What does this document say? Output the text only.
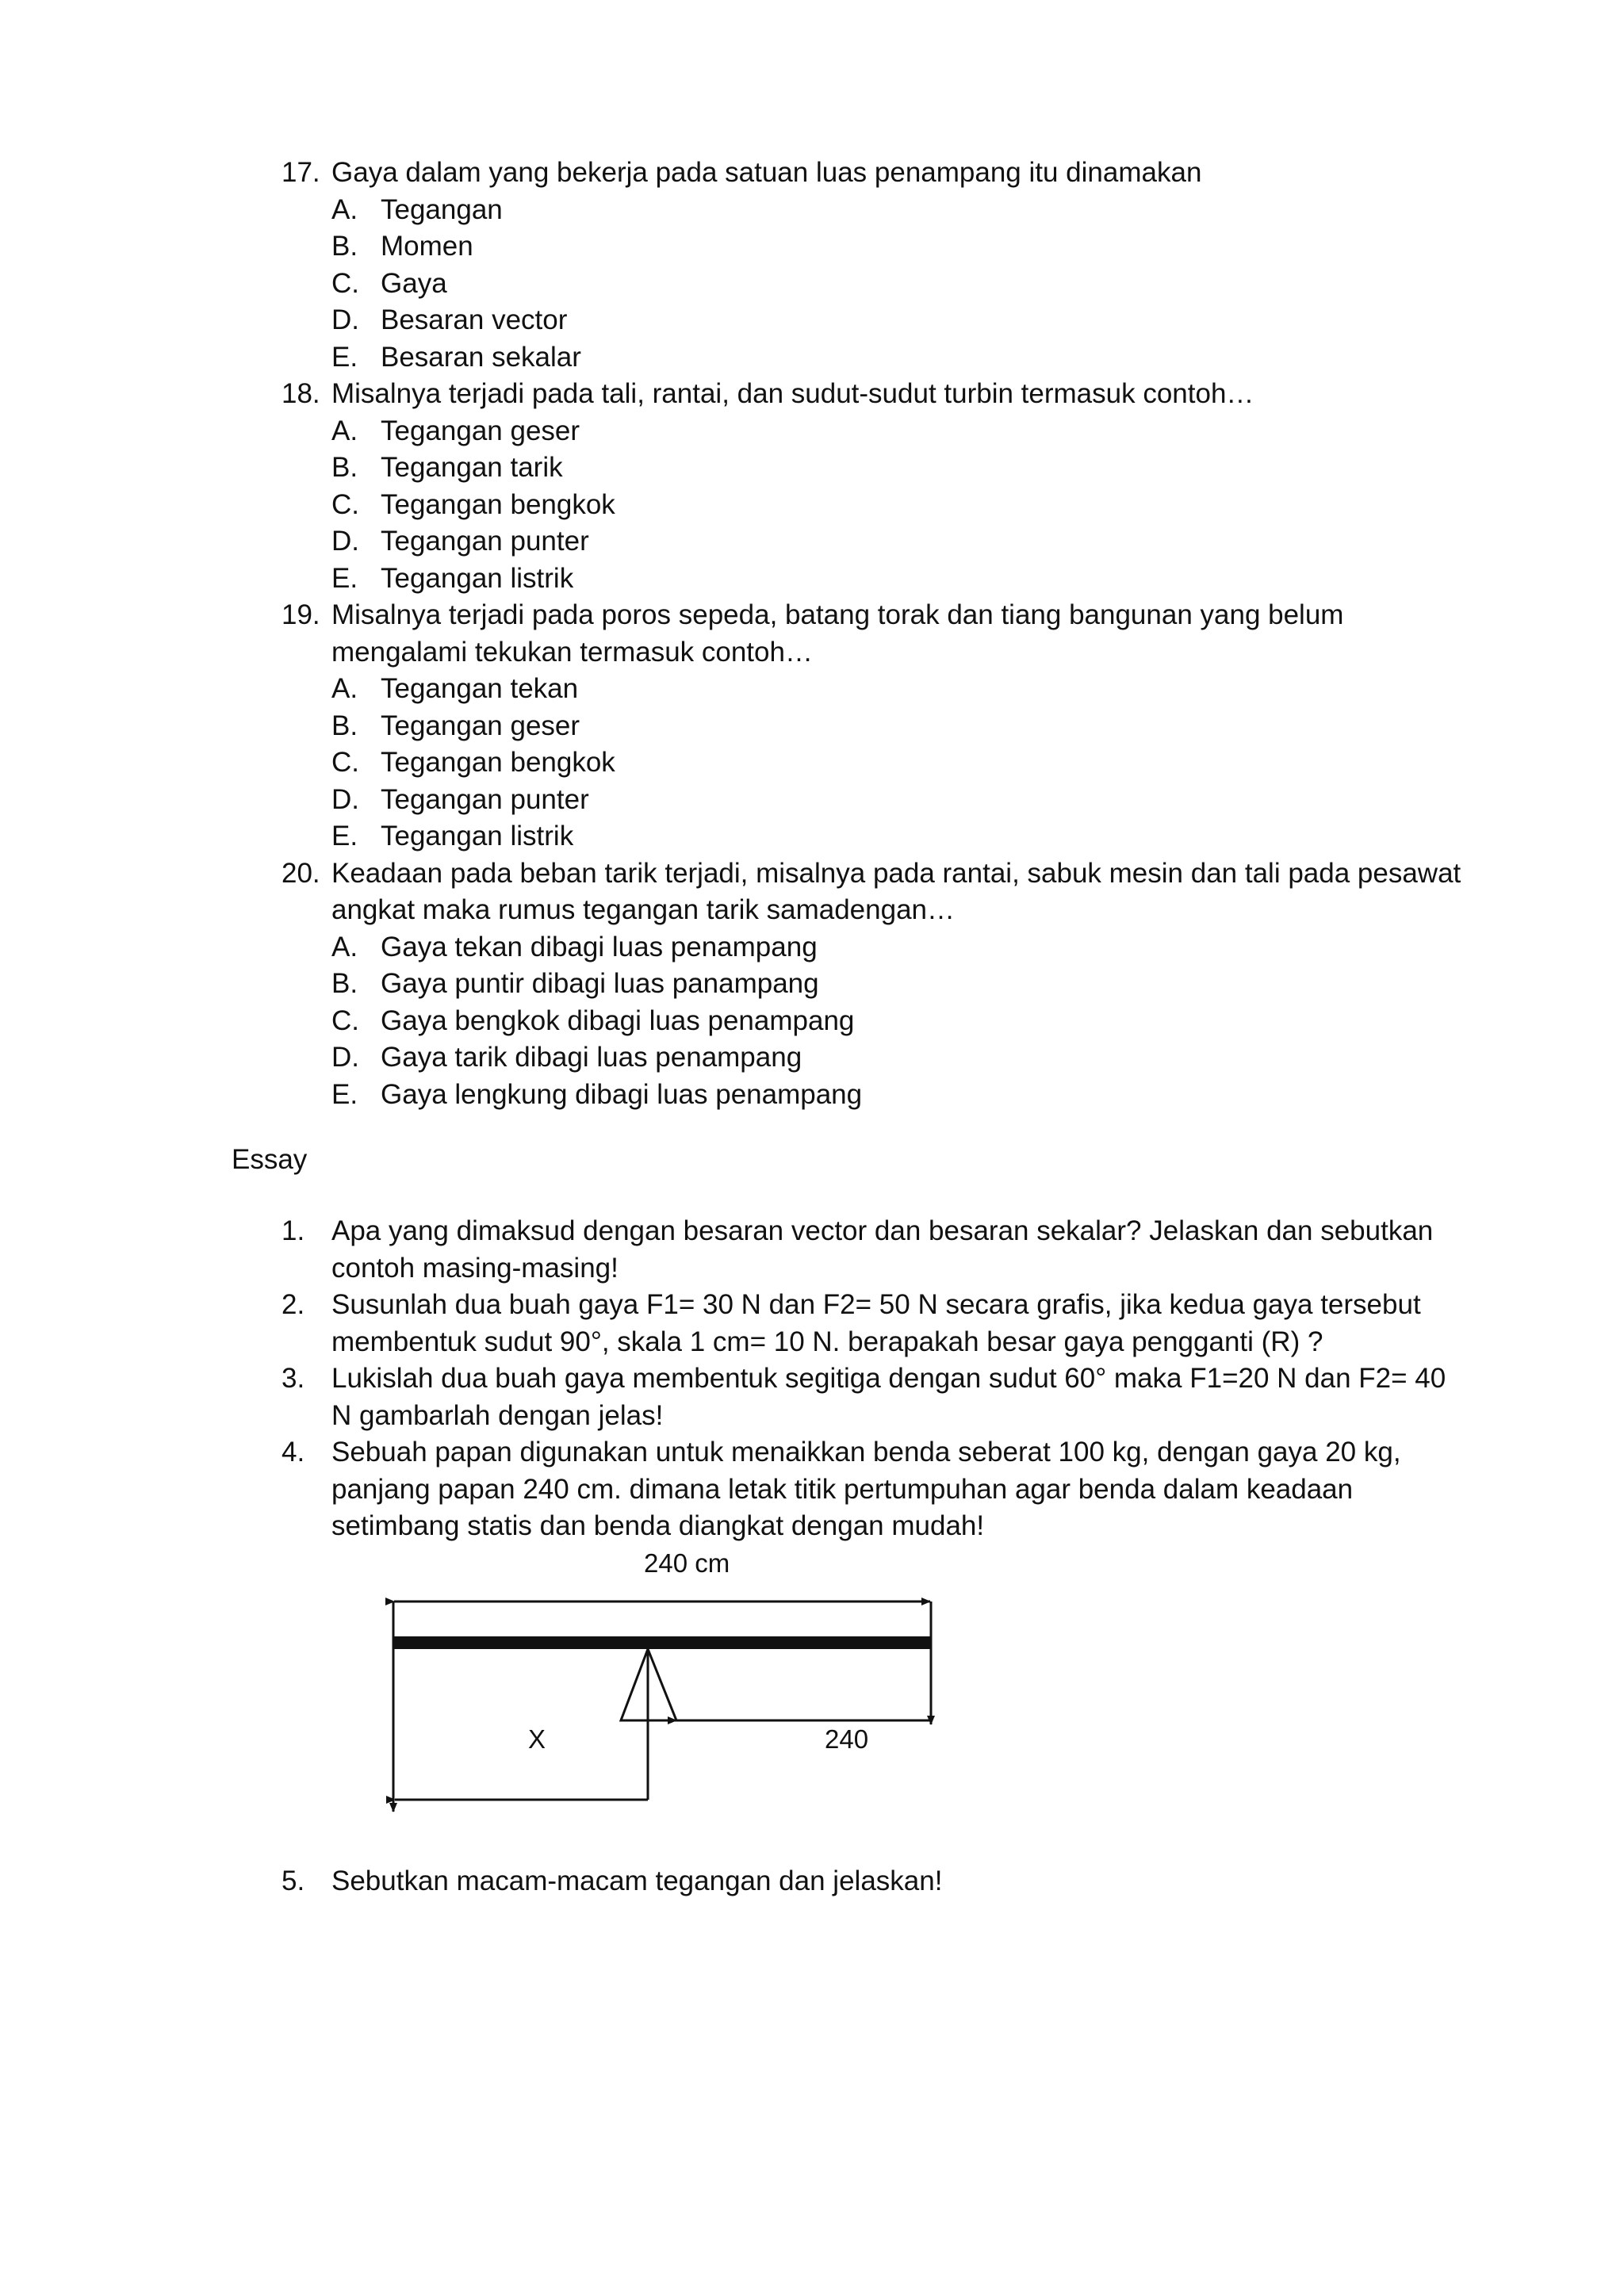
17. Gaya dalam yang bekerja pada satuan luas penampang itu dinamakan
A. Tegangan
B. Momen
C. Gaya
D. Besaran vector
E. Besaran sekalar
18. Misalnya terjadi pada tali, rantai, dan sudut-sudut turbin termasuk contoh…
A. Tegangan geser
B. Tegangan tarik
C. Tegangan bengkok
D. Tegangan punter
E. Tegangan listrik
19. Misalnya terjadi pada poros sepeda, batang torak dan tiang bangunan yang belum mengalami tekukan termasuk contoh…
A. Tegangan tekan
B. Tegangan geser
C. Tegangan bengkok
D. Tegangan punter
E. Tegangan listrik
20. Keadaan pada beban tarik terjadi, misalnya pada rantai, sabuk mesin dan tali pada pesawat angkat maka rumus tegangan tarik samadengan…
A. Gaya tekan dibagi luas penampang
B. Gaya puntir dibagi luas panampang
C. Gaya bengkok dibagi luas penampang
D. Gaya tarik dibagi luas penampang
E. Gaya lengkung dibagi luas penampang
Essay
1. Apa yang dimaksud dengan besaran vector dan besaran sekalar? Jelaskan dan sebutkan contoh masing-masing!
2. Susunlah dua buah gaya F1= 30 N dan F2= 50 N secara grafis, jika kedua gaya tersebut membentuk sudut 90°, skala 1 cm= 10 N. berapakah besar gaya pengganti (R) ?
3. Lukislah dua buah gaya membentuk segitiga dengan sudut 60° maka F1=20 N dan F2= 40 N gambarlah dengan jelas!
4. Sebuah papan digunakan untuk menaikkan benda seberat 100 kg, dengan gaya 20 kg, panjang papan 240 cm. dimana letak titik pertumpuhan agar benda dalam keadaan setimbang statis dan benda diangkat dengan mudah!
240 cm
X	240
5. Sebutkan macam-macam tegangan dan jelaskan!
